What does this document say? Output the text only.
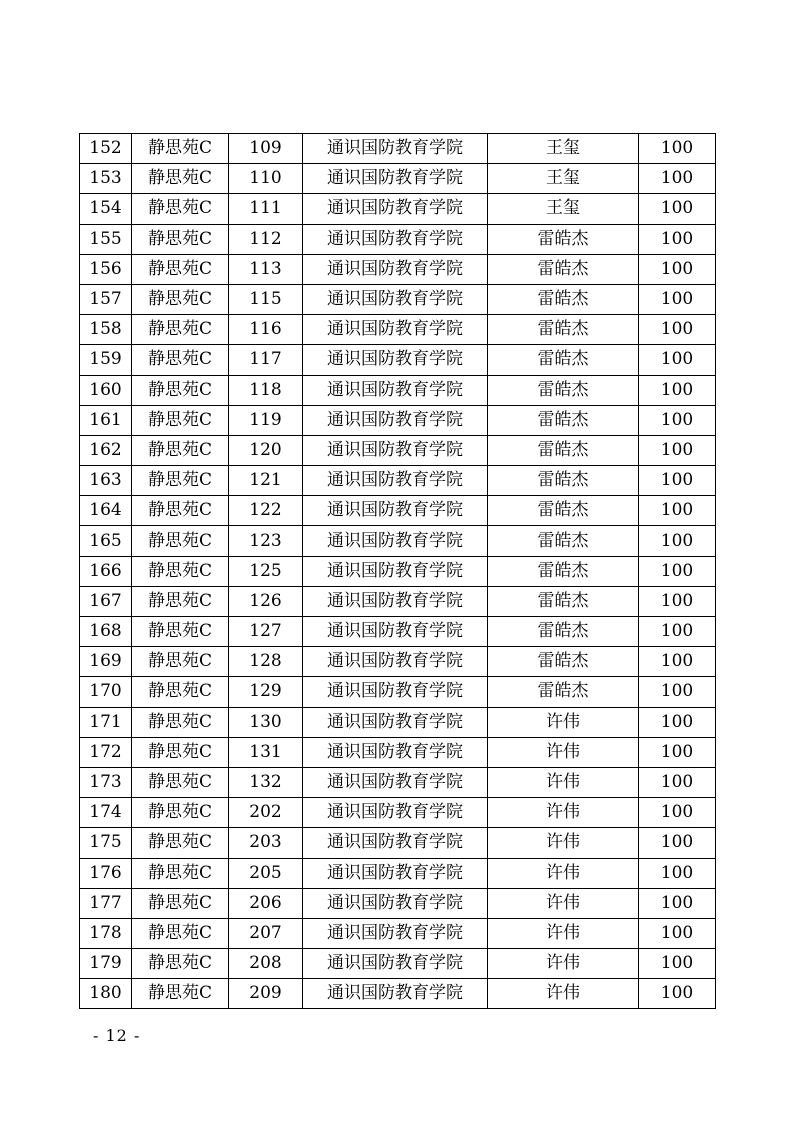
152	静思苑C	109	通识国防教育学院	王玺	100
153	静思苑C	110	通识国防教育学院	王玺	100
154	静思苑C	111	通识国防教育学院	王玺	100
155	静思苑C	112	通识国防教育学院	雷皓杰	100
156	静思苑C	113	通识国防教育学院	雷皓杰	100
157	静思苑C	115	通识国防教育学院	雷皓杰	100
158	静思苑C	116	通识国防教育学院	雷皓杰	100
159	静思苑C	117	通识国防教育学院	雷皓杰	100
160	静思苑C	118	通识国防教育学院	雷皓杰	100
161	静思苑C	119	通识国防教育学院	雷皓杰	100
162	静思苑C	120	通识国防教育学院	雷皓杰	100
163	静思苑C	121	通识国防教育学院	雷皓杰	100
164	静思苑C	122	通识国防教育学院	雷皓杰	100
165	静思苑C	123	通识国防教育学院	雷皓杰	100
166	静思苑C	125	通识国防教育学院	雷皓杰	100
167	静思苑C	126	通识国防教育学院	雷皓杰	100
168	静思苑C	127	通识国防教育学院	雷皓杰	100
169	静思苑C	128	通识国防教育学院	雷皓杰	100
170	静思苑C	129	通识国防教育学院	雷皓杰	100
171	静思苑C	130	通识国防教育学院	许伟	100
172	静思苑C	131	通识国防教育学院	许伟	100
173	静思苑C	132	通识国防教育学院	许伟	100
174	静思苑C	202	通识国防教育学院	许伟	100
175	静思苑C	203	通识国防教育学院	许伟	100
176	静思苑C	205	通识国防教育学院	许伟	100
177	静思苑C	206	通识国防教育学院	许伟	100
178	静思苑C	207	通识国防教育学院	许伟	100
179	静思苑C	208	通识国防教育学院	许伟	100
180	静思苑C	209	通识国防教育学院	许伟	100
- 12 -
